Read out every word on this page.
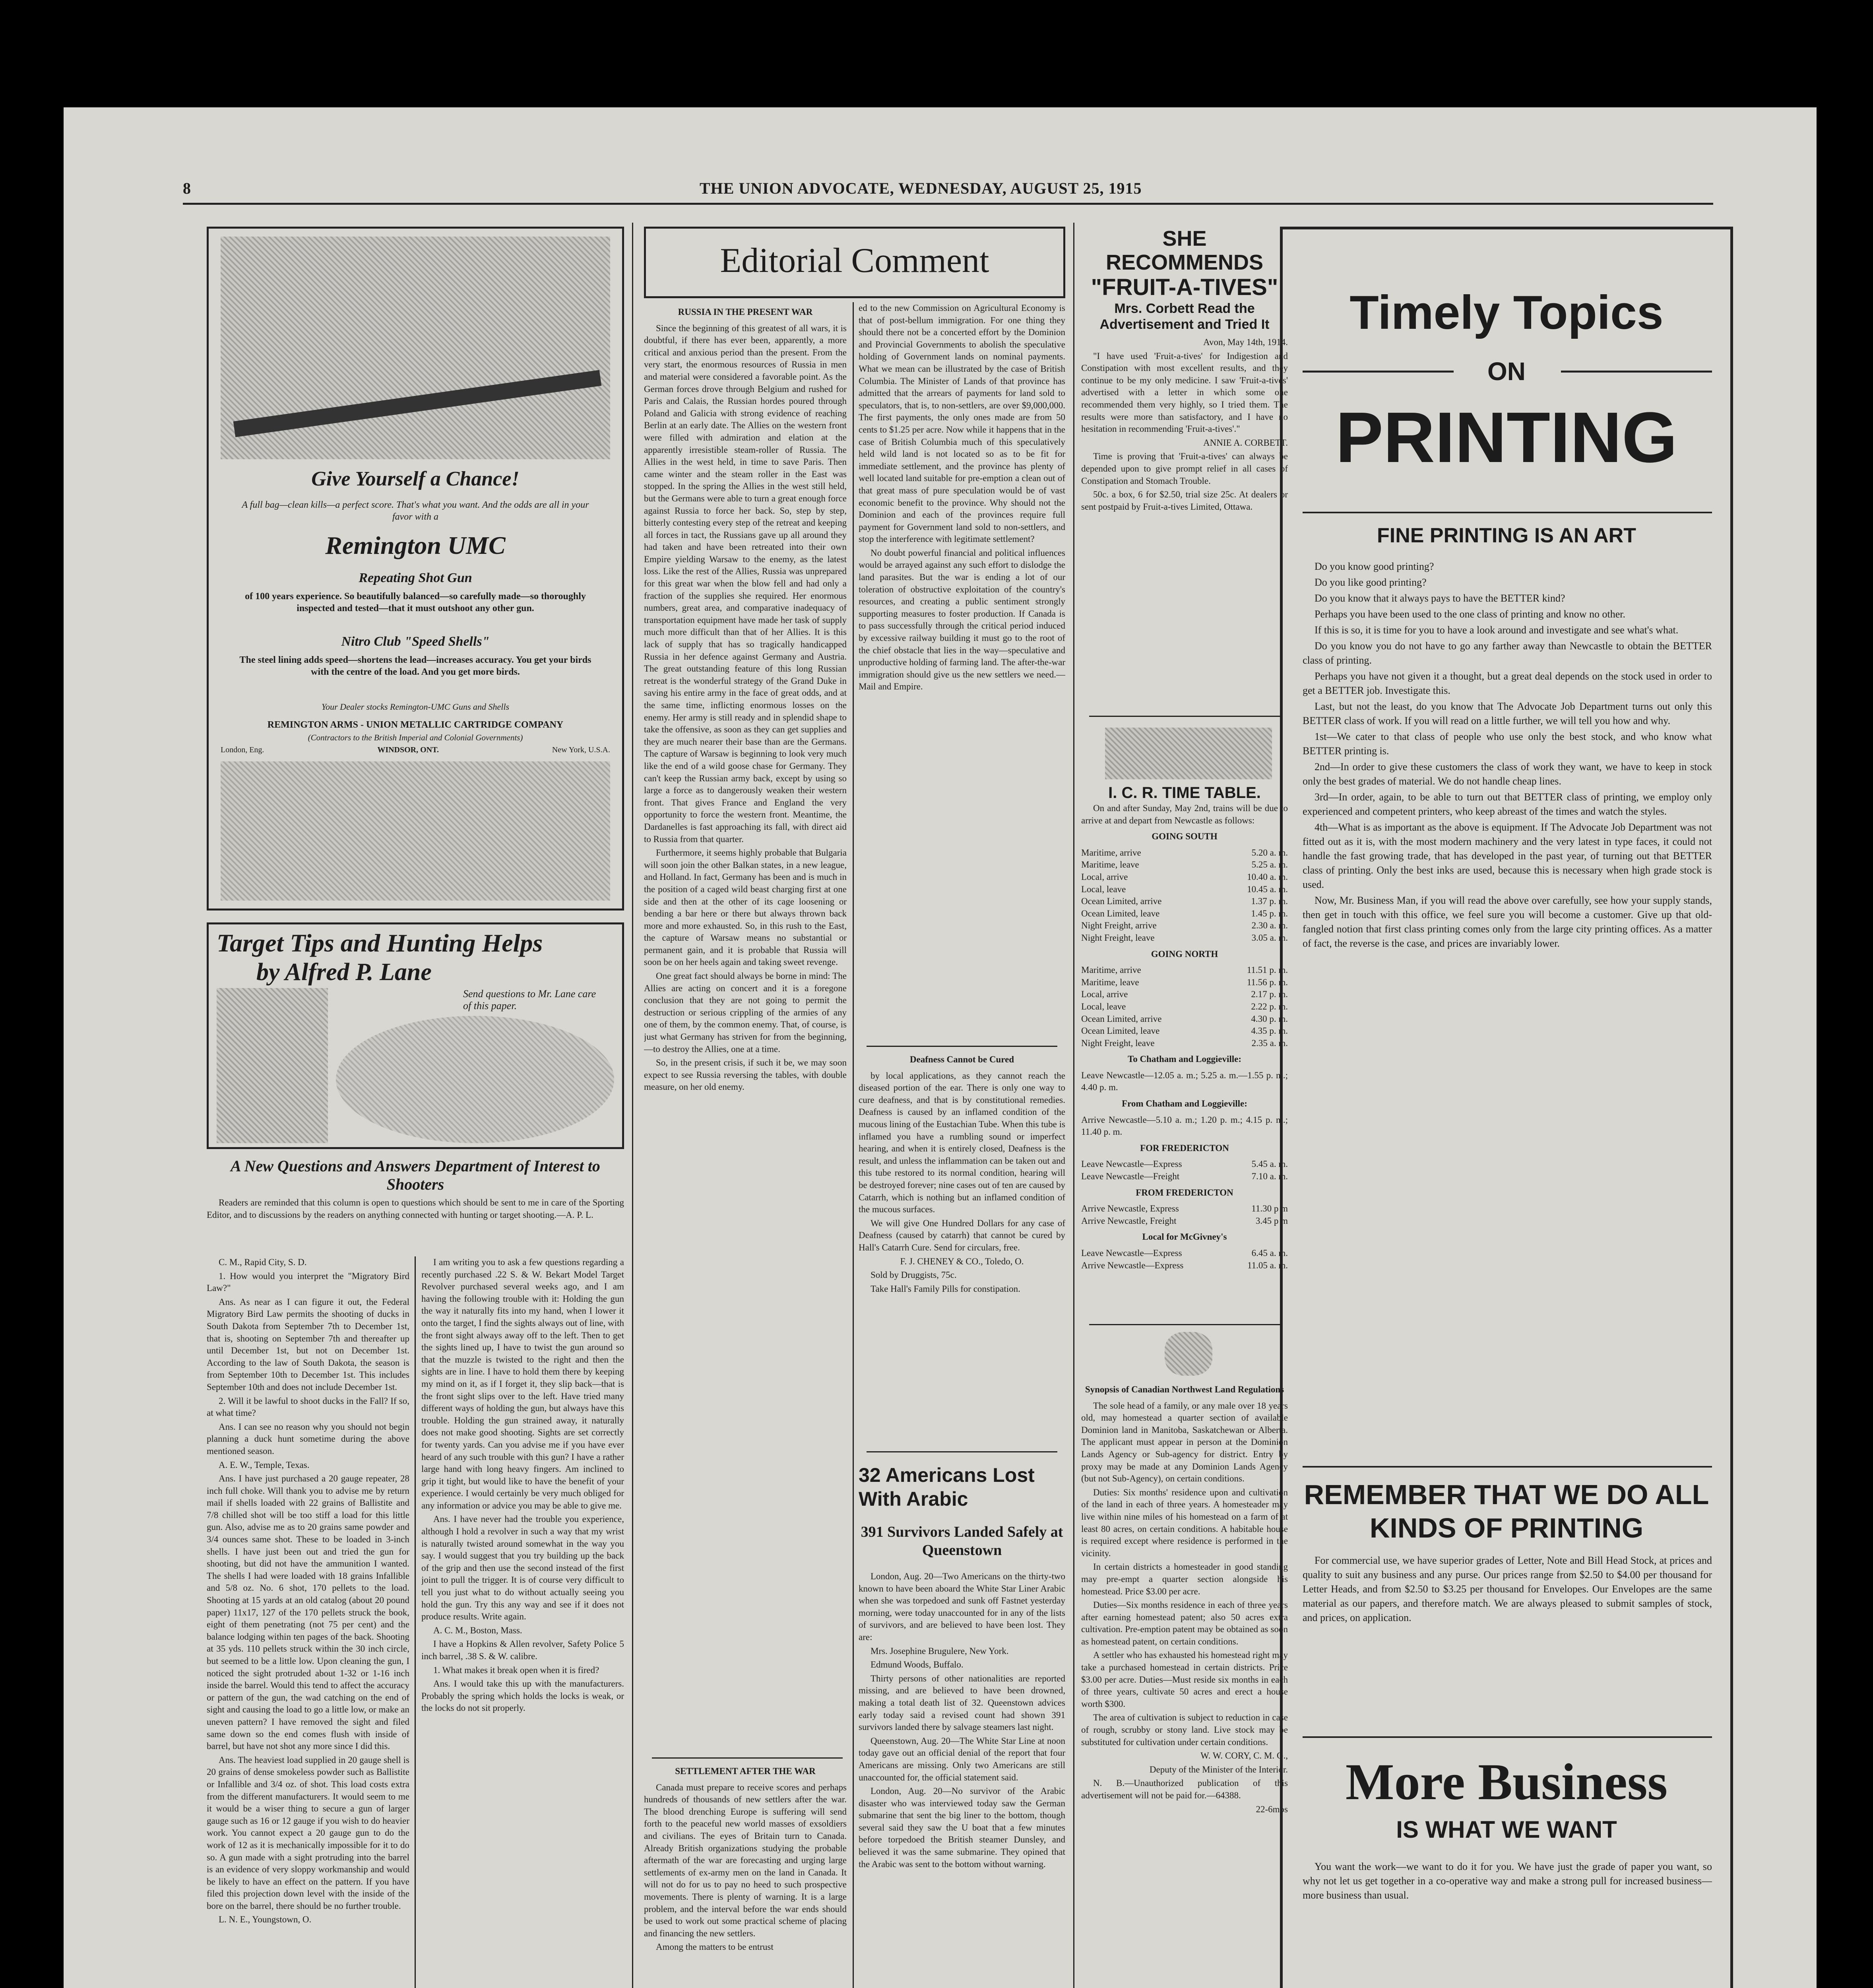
8	THE UNION ADVOCATE, WEDNESDAY, AUGUST 25, 1915
Give Yourself a Chance!
A full bag—clean kills—a perfect score. That's what you want. And the odds are all in your favor with a
Remington UMC
Repeating Shot Gun
of 100 years experience. So beautifully balanced—so carefully made—so thoroughly inspected and tested—that it must outshoot any other gun.
Nitro Club "Speed Shells"
The steel lining adds speed—shortens the lead—increases accuracy. You get your birds with the centre of the load. And you get more birds.
Your Dealer stocks Remington-UMC Guns and Shells
REMINGTON ARMS - UNION METALLIC CARTRIDGE COMPANY
(Contractors to the British Imperial and Colonial Governments)
London, Eng.	WINDSOR, ONT.	New York, U.S.A.
Target Tips and Hunting Helps
by Alfred P. Lane
Send questions to Mr. Lane care of this paper.
A New Questions and Answers Department of Interest to Shooters

Readers are reminded that this column is open to questions which should be sent to me in care of the Sporting Editor, and to discussions by the readers on anything connected with hunting or target shooting.—A. P. L.

C. M., Rapid City, S. D.

1. How would you interpret the "Migratory Bird Law?"

Ans. As near as I can figure it out, the Federal Migratory Bird Law permits the shooting of ducks in South Dakota from September 7th to December 1st, that is, shooting on September 7th and thereafter up until December 1st, but not on December 1st. According to the law of South Dakota, the season is from September 10th to December 1st. This includes September 10th and does not include December 1st.

2. Will it be lawful to shoot ducks in the Fall? If so, at what time?

Ans. I can see no reason why you should not begin planning a duck hunt sometime during the above mentioned season.

A. E. W., Temple, Texas.

Ans. I have just purchased a 20 gauge repeater, 28 inch full choke. Will thank you to advise me by return mail if shells loaded with 22 grains of Ballistite and 7/8 chilled shot will be too stiff a load for this little gun. Also, advise me as to 20 grains same powder and 3/4 ounces same shot. These to be loaded in 3-inch shells. I have just been out and tried the gun for shooting, but did not have the ammunition I wanted. The shells I had were loaded with 18 grains Infallible and 5/8 oz. No. 6 shot, 170 pellets to the load. Shooting at 15 yards at an old catalog (about 20 pound paper) 11x17, 127 of the 170 pellets struck the book, eight of them penetrating (not 75 per cent) and the balance lodging within ten pages of the back. Shooting at 35 yds. 110 pellets struck within the 30 inch circle, but seemed to be a little low. Upon cleaning the gun, I noticed the sight protruded about 1-32 or 1-16 inch inside the barrel. Would this tend to affect the accuracy or pattern of the gun, the wad catching on the end of sight and causing the load to go a little low, or make an uneven pattern? I have removed the sight and filed same down so the end comes flush with inside of barrel, but have not shot any more since I did this.

Ans. The heaviest load supplied in 20 gauge shell is 20 grains of dense smokeless powder such as Ballistite or Infallible and 3/4 oz. of shot. This load costs extra from the different manufacturers. It would seem to me it would be a wiser thing to secure a gun of larger gauge such as 16 or 12 gauge if you wish to do heavier work. You cannot expect a 20 gauge gun to do the work of 12 as it is mechanically impossible for it to do so. A gun made with a sight protruding into the barrel is an evidence of very sloppy workmanship and would be likely to have an effect on the pattern. If you have filed this projection down level with the inside of the bore on the barrel, there should be no further trouble.

L. N. E., Youngstown, O.

I am writing you to ask a few questions regarding a recently purchased .22 S. & W. Bekart Model Target Revolver purchased several weeks ago, and I am having the following trouble with it: Holding the gun the way it naturally fits into my hand, when I lower it onto the target, I find the sights always out of line, with the front sight always away off to the left. Then to get the sights lined up, I have to twist the gun around so that the muzzle is twisted to the right and then the sights are in line. I have to hold them there by keeping my mind on it, as if I forget it, they slip back—that is the front sight slips over to the left. Have tried many different ways of holding the gun, but always have this trouble. Holding the gun strained away, it naturally does not make good shooting. Sights are set correctly for twenty yards. Can you advise me if you have ever heard of any such trouble with this gun? I have a rather large hand with long heavy fingers. Am inclined to grip it tight, but would like to have the benefit of your experience. I would certainly be very much obliged for any information or advice you may be able to give me.

Ans. I have never had the trouble you experience, although I hold a revolver in such a way that my wrist is naturally twisted around somewhat in the way you say. I would suggest that you try building up the back of the grip and then use the second instead of the first joint to pull the trigger. It is of course very difficult to tell you just what to do without actually seeing you hold the gun. Try this any way and see if it does not produce results. Write again.

A. C. M., Boston, Mass.

I have a Hopkins & Allen revolver, Safety Police 5 inch barrel, .38 S. & W. calibre.

1. What makes it break open when it is fired?

Ans. I would take this up with the manufacturers. Probably the spring which holds the locks is weak, or the locks do not sit properly.

Editorial Comment
RUSSIA IN THE PRESENT WAR

Since the beginning of this greatest of all wars, it is doubtful, if there has ever been, apparently, a more critical and anxious period than the present. From the very start, the enormous resources of Russia in men and material were considered a favorable point. As the German forces drove through Belgium and rushed for Paris and Calais, the Russian hordes poured through Poland and Galicia with strong evidence of reaching Berlin at an early date. The Allies on the western front were filled with admiration and elation at the apparently irresistible steam-roller of Russia. The Allies in the west held, in time to save Paris. Then came winter and the steam roller in the East was stopped. In the spring the Allies in the west still held, but the Germans were able to turn a great enough force against Russia to force her back. So, step by step, bitterly contesting every step of the retreat and keeping all forces in tact, the Russians gave up all around they had taken and have been retreated into their own Empire yielding Warsaw to the enemy, as the latest loss. Like the rest of the Allies, Russia was unprepared for this great war when the blow fell and had only a fraction of the supplies she required. Her enormous numbers, great area, and comparative inadequacy of transportation equipment have made her task of supply much more difficult than that of her Allies. It is this lack of supply that has so tragically handicapped Russia in her defence against Germany and Austria. The great outstanding feature of this long Russian retreat is the wonderful strategy of the Grand Duke in saving his entire army in the face of great odds, and at the same time, inflicting enormous losses on the enemy. Her army is still ready and in splendid shape to take the offensive, as soon as they can get supplies and they are much nearer their base than are the Germans. The capture of Warsaw is beginning to look very much like the end of a wild goose chase for Germany. They can't keep the Russian army back, except by using so large a force as to dangerously weaken their western front. That gives France and England the very opportunity to force the western front. Meantime, the Dardanelles is fast approaching its fall, with direct aid to Russia from that quarter.

Furthermore, it seems highly probable that Bulgaria will soon join the other Balkan states, in a new league, and Holland. In fact, Germany has been and is much in the position of a caged wild beast charging first at one side and then at the other of its cage loosening or bending a bar here or there but always thrown back more and more exhausted. So, in this rush to the East, the capture of Warsaw means no substantial or permanent gain, and it is probable that Russia will soon be on her heels again and taking sweet revenge.

One great fact should always be borne in mind: The Allies are acting on concert and it is a foregone conclusion that they are not going to permit the destruction or serious crippling of the armies of any one of them, by the common enemy. That, of course, is just what Germany has striven for from the beginning,—to destroy the Allies, one at a time.

So, in the present crisis, if such it be, we may soon expect to see Russia reversing the tables, with double measure, on her old enemy.

SETTLEMENT AFTER THE WAR

Canada must prepare to receive scores and perhaps hundreds of thousands of new settlers after the war. The blood drenching Europe is suffering will send forth to the peaceful new world masses of exsoldiers and civilians. The eyes of Britain turn to Canada. Already British organizations studying the probable aftermath of the war are forecasting and urging large settlements of ex-army men on the land in Canada. It will not do for us to pay no heed to such prospective movements. There is plenty of warning. It is a large problem, and the interval before the war ends should be used to work out some practical scheme of placing and financing the new settlers.

Among the matters to be entrust

ed to the new Commission on Agricultural Economy is that of post-bellum immigration. For one thing they should there not be a concerted effort by the Dominion and Provincial Governments to abolish the speculative holding of Government lands on nominal payments. What we mean can be illustrated by the case of British Columbia. The Minister of Lands of that province has admitted that the arrears of payments for land sold to speculators, that is, to non-settlers, are over $9,000,000. The first payments, the only ones made are from 50 cents to $1.25 per acre. Now while it happens that in the case of British Columbia much of this speculatively held wild land is not located so as to be fit for immediate settlement, and the province has plenty of well located land suitable for pre-emption a clean out of that great mass of pure speculation would be of vast economic benefit to the province. Why should not the Dominion and each of the provinces require full payment for Government land sold to non-settlers, and stop the interference with legitimate settlement?

No doubt powerful financial and political influences would be arrayed against any such effort to dislodge the land parasites. But the war is ending a lot of our toleration of obstructive exploitation of the country's resources, and creating a public sentiment strongly supporting measures to foster production. If Canada is to pass successfully through the critical period induced by excessive railway building it must go to the root of the chief obstacle that lies in the way—speculative and unproductive holding of farming land. The after-the-war immigration should give us the new settlers we need.—Mail and Empire.

Deafness Cannot be Cured

by local applications, as they cannot reach the diseased portion of the ear. There is only one way to cure deafness, and that is by constitutional remedies. Deafness is caused by an inflamed condition of the mucous lining of the Eustachian Tube. When this tube is inflamed you have a rumbling sound or imperfect hearing, and when it is entirely closed, Deafness is the result, and unless the inflammation can be taken out and this tube restored to its normal condition, hearing will be destroyed forever; nine cases out of ten are caused by Catarrh, which is nothing but an inflamed condition of the mucous surfaces.

We will give One Hundred Dollars for any case of Deafness (caused by catarrh) that cannot be cured by Hall's Catarrh Cure. Send for circulars, free.

F. J. CHENEY & CO., Toledo, O.

Sold by Druggists, 75c.

Take Hall's Family Pills for constipation.

32 Americans Lost With Arabic
391 Survivors Landed Safely at Queenstown

London, Aug. 20—Two Americans on the thirty-two known to have been aboard the White Star Liner Arabic when she was torpedoed and sunk off Fastnet yesterday morning, were today unaccounted for in any of the lists of survivors, and are believed to have been lost. They are:

Mrs. Josephine Brugulere, New York.

Edmund Woods, Buffalo.

Thirty persons of other nationalities are reported missing, and are believed to have been drowned, making a total death list of 32. Queenstown advices early today said a revised count had shown 391 survivors landed there by salvage steamers last night.

Queenstown, Aug. 20—The White Star Line at noon today gave out an official denial of the report that four Americans are missing. Only two Americans are still unaccounted for, the official statement said.

London, Aug. 20—No survivor of the Arabic disaster who was interviewed today saw the German submarine that sent the big liner to the bottom, though several said they saw the U boat that a few minutes before torpedoed the British steamer Dunsley, and believed it was the same submarine. They opined that the Arabic was sent to the bottom without warning.

SHE RECOMMENDS
"FRUIT-A-TIVES"
Mrs. Corbett Read the Advertisement and Tried It

Avon, May 14th, 1914.

"I have used 'Fruit-a-tives' for Indigestion and Constipation with most excellent results, and they continue to be my only medicine. I saw 'Fruit-a-tives' advertised with a letter in which some one recommended them very highly, so I tried them. The results were more than satisfactory, and I have no hesitation in recommending 'Fruit-a-tives'."

ANNIE A. CORBETT.

Time is proving that 'Fruit-a-tives' can always be depended upon to give prompt relief in all cases of Constipation and Stomach Trouble.

50c. a box, 6 for $2.50, trial size 25c. At dealers or sent postpaid by Fruit-a-tives Limited, Ottawa.

I. C. R. TIME TABLE.

On and after Sunday, May 2nd, trains will be due to arrive at and depart from Newcastle as follows:

GOING SOUTH
Maritime, arrive	5.20 a. m.
Maritime, leave	5.25 a. m.
Local, arrive	10.40 a. m.
Local, leave	10.45 a. m.
Ocean Limited, arrive	1.37 p. m.
Ocean Limited, leave	1.45 p. m.
Night Freight, arrive	2.30 a. m.
Night Freight, leave	3.05 a. m.
GOING NORTH
Maritime, arrive	11.51 p. m.
Maritime, leave	11.56 p. m.
Local, arrive	2.17 p. m.
Local, leave	2.22 p. m.
Ocean Limited, arrive	4.30 p. m.
Ocean Limited, leave	4.35 p. m.
Night Freight, leave	2.35 a. m.
To Chatham and Loggieville:

Leave Newcastle—12.05 a. m.; 5.25 a. m.—1.55 p. m.; 4.40 p. m.

From Chatham and Loggieville:

Arrive Newcastle—5.10 a. m.; 1.20 p. m.; 4.15 p. m.; 11.40 p. m.

FOR FREDERICTON
Leave Newcastle—Express	5.45 a. m.
Leave Newcastle—Freight	7.10 a. m.
FROM FREDERICTON
Arrive Newcastle, Express	11.30 p m
Arrive Newcastle, Freight	3.45 p m
Local for McGivney's
Leave Newcastle—Express	6.45 a. m.
Arrive Newcastle—Express	11.05 a. m.
Synopsis of Canadian Northwest Land Regulations

The sole head of a family, or any male over 18 years old, may homestead a quarter section of available Dominion land in Manitoba, Saskatchewan or Alberta. The applicant must appear in person at the Dominion Lands Agency or Sub-agency for district. Entry by proxy may be made at any Dominion Lands Agency (but not Sub-Agency), on certain conditions.

Duties: Six months' residence upon and cultivation of the land in each of three years. A homesteader may live within nine miles of his homestead on a farm of at least 80 acres, on certain conditions. A habitable house is required except where residence is performed in the vicinity.

In certain districts a homesteader in good standing may pre-empt a quarter section alongside his homestead. Price $3.00 per acre.

Duties—Six months residence in each of three years after earning homestead patent; also 50 acres extra cultivation. Pre-emption patent may be obtained as soon as homestead patent, on certain conditions.

A settler who has exhausted his homestead right may take a purchased homestead in certain districts. Price $3.00 per acre. Duties—Must reside six months in each of three years, cultivate 50 acres and erect a house worth $300.

The area of cultivation is subject to reduction in case of rough, scrubby or stony land. Live stock may be substituted for cultivation under certain conditions.

W. W. CORY, C. M. G.,

Deputy of the Minister of the Interior.

N. B.—Unauthorized publication of this advertisement will not be paid for.—64388.

22-6mos

Timely Topics
ON
PRINTING
FINE PRINTING IS AN ART

Do you know good printing?

Do you like good printing?

Do you know that it always pays to have the BETTER kind?

Perhaps you have been used to the one class of printing and know no other.

If this is so, it is time for you to have a look around and investigate and see what's what.

Do you know you do not have to go any farther away than Newcastle to obtain the BETTER class of printing.

Perhaps you have not given it a thought, but a great deal depends on the stock used in order to get a BETTER job. Investigate this.

Last, but not the least, do you know that The Advocate Job Department turns out only this BETTER class of work. If you will read on a little further, we will tell you how and why.

1st—We cater to that class of people who use only the best stock, and who know what BETTER printing is.

2nd—In order to give these customers the class of work they want, we have to keep in stock only the best grades of material. We do not handle cheap lines.

3rd—In order, again, to be able to turn out that BETTER class of printing, we employ only experienced and competent printers, who keep abreast of the times and watch the styles.

4th—What is as important as the above is equipment. If The Advocate Job Department was not fitted out as it is, with the most modern machinery and the very latest in type faces, it could not handle the fast growing trade, that has developed in the past year, of turning out that BETTER class of printing. Only the best inks are used, because this is necessary when high grade stock is used.

Now, Mr. Business Man, if you will read the above over carefully, see how your supply stands, then get in touch with this office, we feel sure you will become a customer. Give up that old-fangled notion that first class printing comes only from the large city printing offices. As a matter of fact, the reverse is the case, and prices are invariably lower.

REMEMBER THAT WE DO ALL KINDS OF PRINTING

For commercial use, we have superior grades of Letter, Note and Bill Head Stock, at prices and quality to suit any business and any purse. Our prices range from $2.50 to $4.00 per thousand for Letter Heads, and from $2.50 to $3.25 per thousand for Envelopes. Our Envelopes are the same material as our papers, and therefore match. We are always pleased to submit samples of stock, and prices, on application.

More Business
IS WHAT WE WANT

You want the work—we want to do it for you. We have just the grade of paper you want, so why not let us get together in a co-operative way and make a strong pull for increased business—more business than usual.
